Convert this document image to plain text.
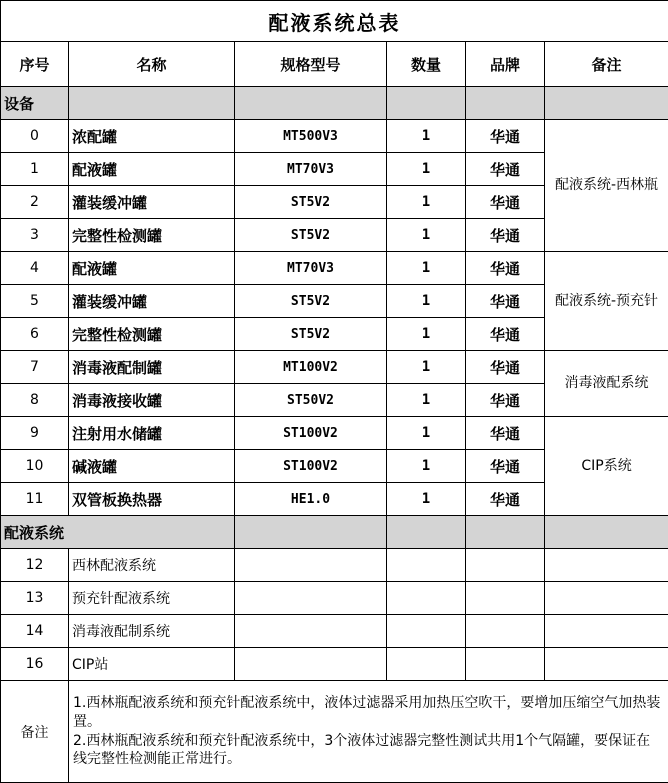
配液系统总表					
序号	名称	规格型号	数量	品牌	备注
设备					
0	浓配罐	MT500V3	1	华通	配液系统-西林瓶
1	配液罐	MT70V3	1	华通	
2	灌装缓冲罐	ST5V2	1	华通	
3	完整性检测罐	ST5V2	1	华通	
4	配液罐	MT70V3	1	华通	配液系统-预充针
5	灌装缓冲罐	ST5V2	1	华通	
6	完整性检测罐	ST5V2	1	华通	
7	消毒液配制罐	MT100V2	1	华通	消毒液配系统
8	消毒液接收罐	ST50V2	1	华通	
9	注射用水储罐	ST100V2	1	华通	CIP系统
10	碱液罐	ST100V2	1	华通	
11	双管板换热器	HE1.0	1	华通	
配液系统					
12	西林配液系统				
13	预充针配液系统				
14	消毒液配制系统				
16	CIP站				
备注	1.西林瓶配液系统和预充针配液系统中，液体过滤器采用加热压空吹干，要增加压缩空气加热装置。

2.西林瓶配液系统和预充针配液系统中，3个液体过滤器完整性测试共用1个气隔罐，要保证在线完整性检测能正常进行。				
